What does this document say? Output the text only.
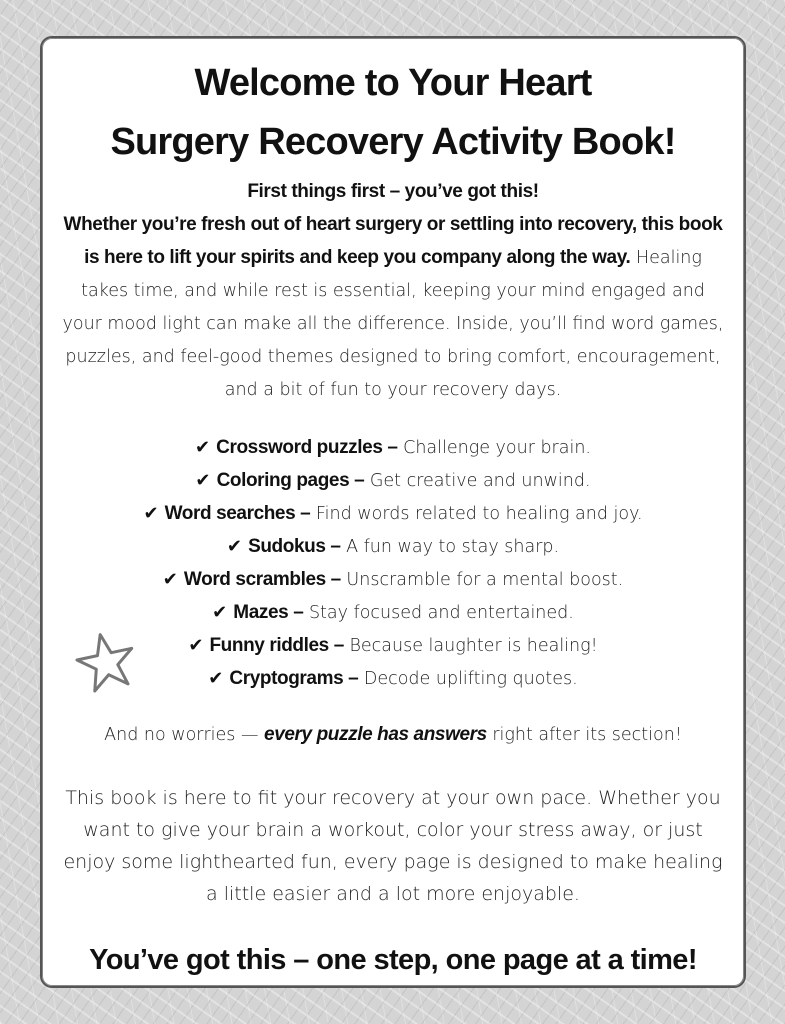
Welcome to Your Heart
Surgery Recovery Activity Book!
First things first – you’ve got this!
Whether you’re fresh out of heart surgery or settling into recovery, this book is here to lift your spirits and keep you company along the way. Healing takes time, and while rest is essential, keeping your mind engaged and your mood light can make all the difference. Inside, you’ll find word games, puzzles, and feel-good themes designed to bring comfort, encouragement, and a bit of fun to your recovery days.
✔ Crossword puzzles – Challenge your brain.
✔ Coloring pages – Get creative and unwind.
✔ Word searches – Find words related to healing and joy.
✔ Sudokus – A fun way to stay sharp.
✔ Word scrambles – Unscramble for a mental boost.
✔ Mazes – Stay focused and entertained.
✔ Funny riddles – Because laughter is healing!
✔ Cryptograms – Decode uplifting quotes.
And no worries — every puzzle has answers right after its section!
This book is here to fit your recovery at your own pace. Whether you want to give your brain a workout, color your stress away, or just enjoy some lighthearted fun, every page is designed to make healing a little easier and a lot more enjoyable.
You’ve got this – one step, one page at a time!
